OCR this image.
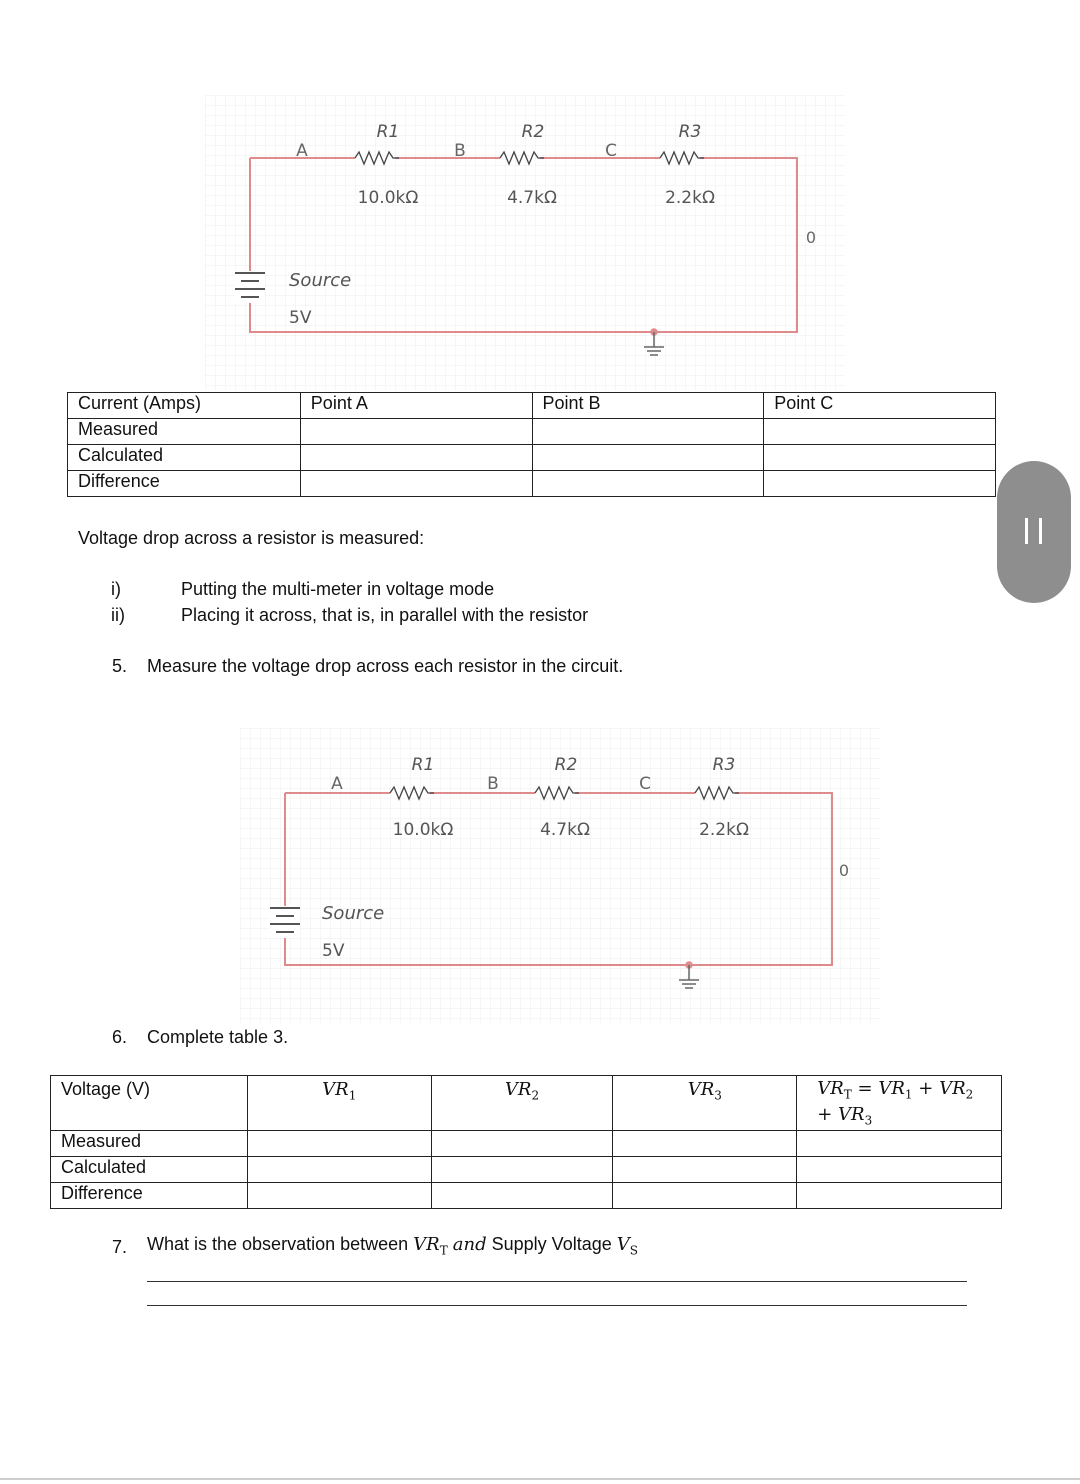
R1	R2	R3
10.0kΩ	4.7kΩ	2.2kΩ
A	B	C
0
Source
5V
Current (Amps)	Point A	Point B	Point C
Measured			
Calculated			
Difference			
Voltage drop across a resistor is measured:
i)	Putting the multi-meter in voltage mode
ii)	Placing it across, that is, in parallel with the resistor
5. Measure the voltage drop across each resistor in the circuit.
R1	R2	R3
10.0kΩ	4.7kΩ	2.2kΩ
A	B	C
0
Source
5V
6. Complete table 3.
Voltage (V)	$VR_1$	$VR_2$	$VR_3$	$VR_T = VR_1 + VR_2$
+ $VR_3$

Measured				
Calculated				
Difference				
7. What is the observation between $VR_T$ and Supply Voltage $V_S$
